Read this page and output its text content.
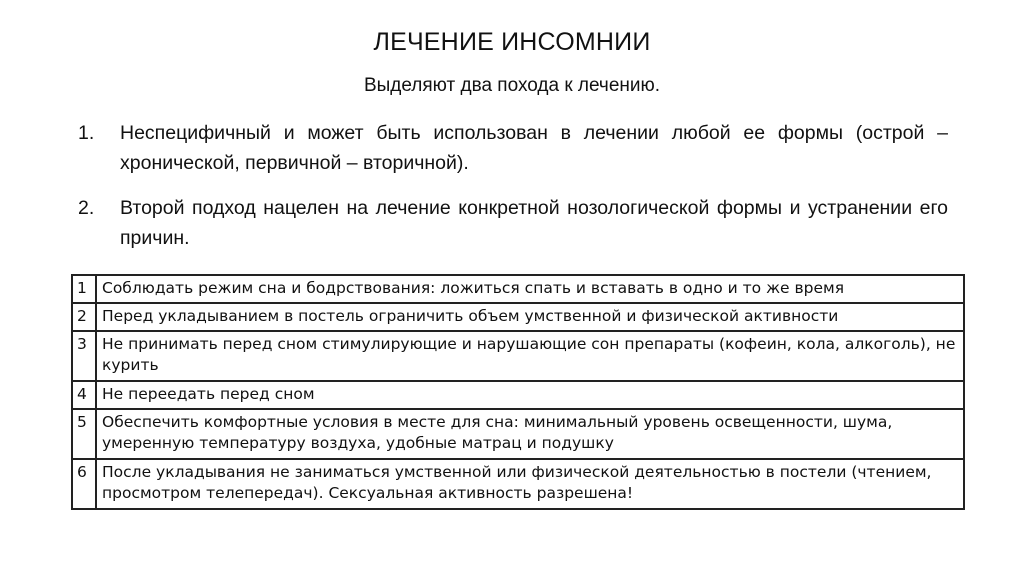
ЛЕЧЕНИЕ ИНСОМНИИ
Выделяют два похода к лечению.
1.	Неспецифичный и может быть использован в лечении любой ее формы (острой – хронической, первичной – вторичной).
2.	Второй подход нацелен на лечение конкретной нозологической формы и устранении его причин.
1	Соблюдать режим сна и бодрствования: ложиться спать и вставать в одно и то же время
2	Перед укладыванием в постель ограничить объем умственной и физической активности
3	Не принимать перед сном стимулирующие и нарушающие сон препараты (кофеин, кола, алкоголь), не курить
4	Не переедать перед сном
5	Обеспечить комфортные условия в месте для сна: минимальный уровень освещенности, шума, умеренную температуру воздуха, удобные матрац и подушку
6	После укладывания не заниматься умственной или физической деятельностью в постели (чтением, просмотром телепередач). Сексуальная активность разрешена!
